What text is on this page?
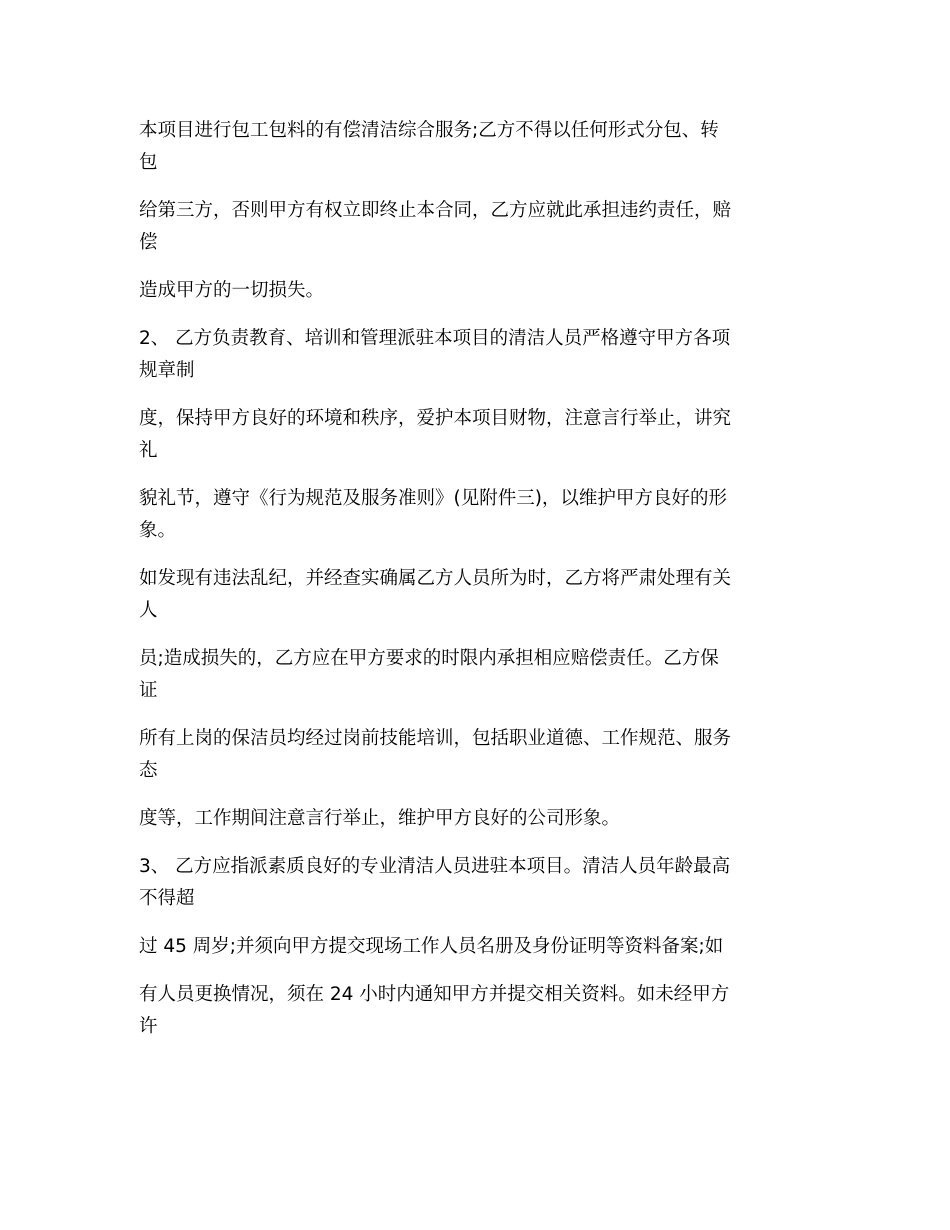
本项目进行包工包料的有偿清洁综合服务;乙方不得以任何形式分包、转
包
给第三方，否则甲方有权立即终止本合同，乙方应就此承担违约责任，赔
偿
造成甲方的一切损失。
2、 乙方负责教育、培训和管理派驻本项目的清洁人员严格遵守甲方各项
规章制
度，保持甲方良好的环境和秩序，爱护本项目财物，注意言行举止，讲究
礼
貌礼节，遵守《行为规范及服务准则》(见附件三)，以维护甲方良好的形
象。
如发现有违法乱纪，并经查实确属乙方人员所为时，乙方将严肃处理有关
人
员;造成损失的，乙方应在甲方要求的时限内承担相应赔偿责任。乙方保
证
所有上岗的保洁员均经过岗前技能培训，包括职业道德、工作规范、服务
态
度等，工作期间注意言行举止，维护甲方良好的公司形象。
3、 乙方应指派素质良好的专业清洁人员进驻本项目。清洁人员年龄最高
不得超
过 45 周岁;并须向甲方提交现场工作人员名册及身份证明等资料备案;如
有人员更换情况，须在 24 小时内通知甲方并提交相关资料。如未经甲方
许
